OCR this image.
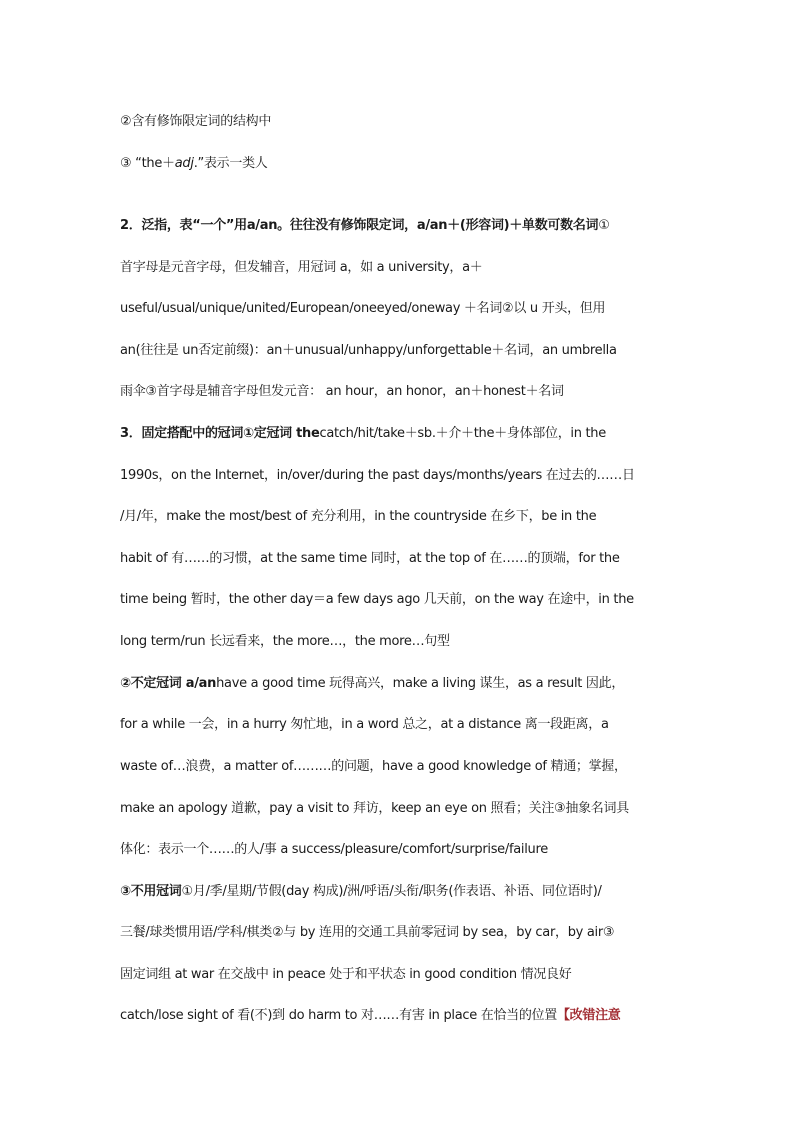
②含有修饰限定词的结构中
③ “the＋adj.”表示一类人
2．泛指，表“一个”用a/an。往往没有修饰限定词，a/an＋(形容词)＋单数可数名词①
首字母是元音字母，但发辅音，用冠词 a，如 a university，a＋
useful/usual/unique/united/European/oneeyed/oneway ＋名词②以 u 开头，但用
an(往往是 un否定前缀)：an＋unusual/unhappy/unforgettable＋名词，an umbrella
雨伞③首字母是辅音字母但发元音： an hour，an honor，an＋honest＋名词
3．固定搭配中的冠词①定冠词 thecatch/hit/take＋sb.＋介＋the＋身体部位，in the
1990s，on the Internet，in/over/during the past days/months/years 在过去的……日
/月/年，make the most/best of 充分利用，in the countryside 在乡下，be in the
habit of 有……的习惯，at the same time 同时，at the top of 在……的顶端，for the
time being 暂时，the other day＝a few days ago 几天前，on the way 在途中，in the
long term/run 长远看来，the more…，the more…句型
②不定冠词 a/anhave a good time 玩得高兴，make a living 谋生，as a result 因此，
for a while 一会，in a hurry 匆忙地，in a word 总之，at a distance 离一段距离，a
waste of…浪费，a matter of………的问题，have a good knowledge of 精通；掌握，
make an apology 道歉，pay a visit to 拜访，keep an eye on 照看；关注③抽象名词具
体化：表示一个……的人/事 a success/pleasure/comfort/surprise/failure
③不用冠词①月/季/星期/节假(day 构成)/洲/呼语/头衔/职务(作表语、补语、同位语时)/
三餐/球类惯用语/学科/棋类②与 by 连用的交通工具前零冠词 by sea，by car，by air③
固定词组 at war 在交战中 in peace 处于和平状态 in good condition 情况良好
catch/lose sight of 看(不)到 do harm to 对……有害 in place 在恰当的位置【改错注意
